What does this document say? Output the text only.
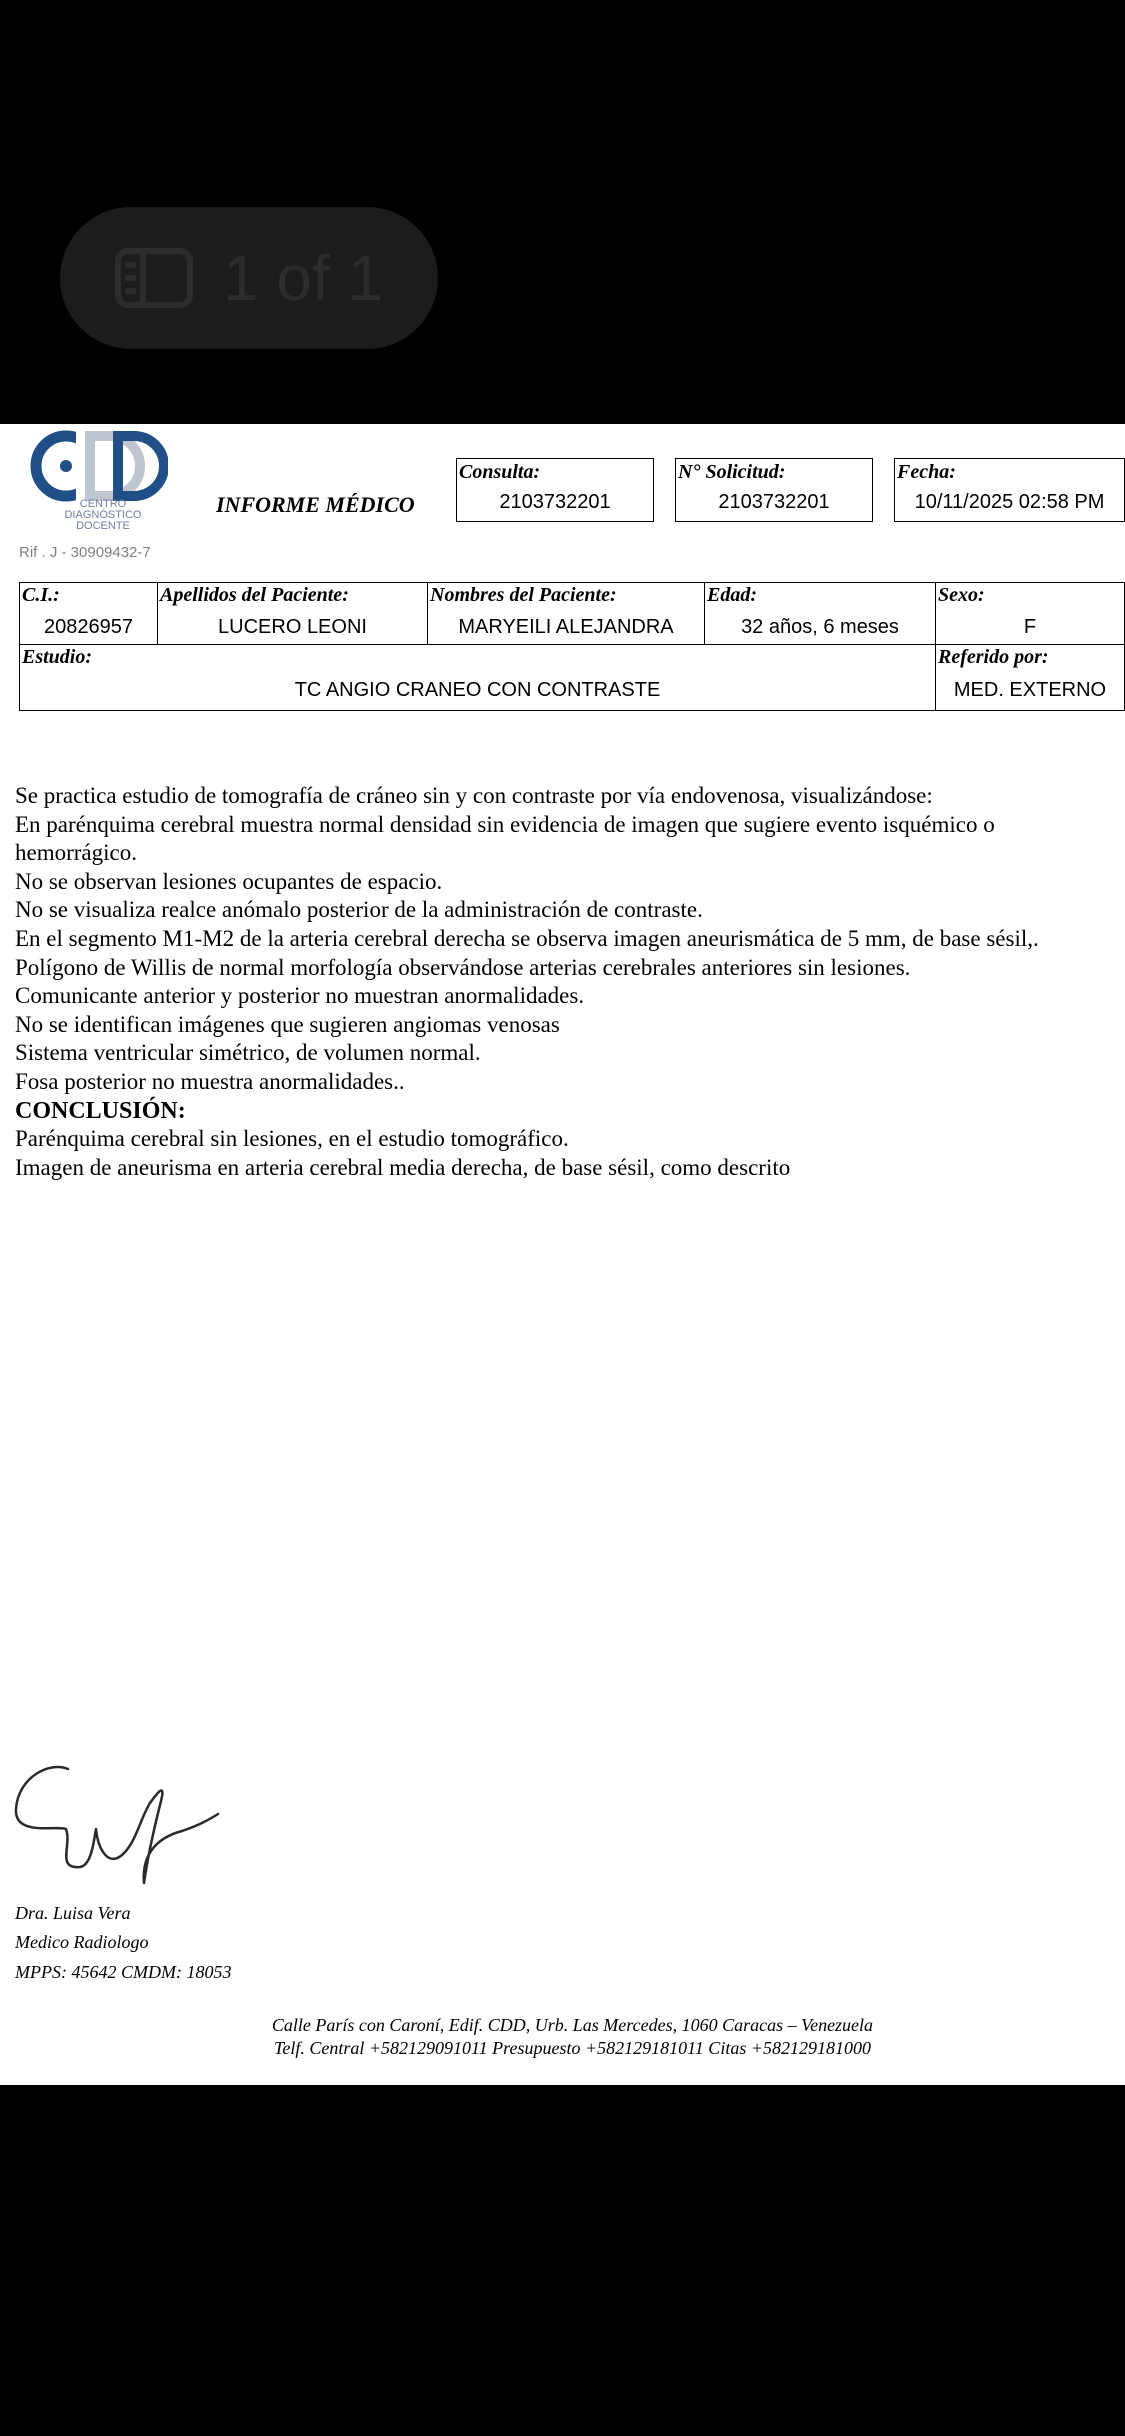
1 of 1
CENTRO
DIAGNÓSTICO
DOCENTE
Rif . J - 30909432-7
INFORME MÉDICO
Consulta:
2103732201
N° Solicitud:
2103732201
Fecha:
10/11/2025 02:58 PM
C.I.:
20826957
Apellidos del Paciente:
LUCERO LEONI
Nombres del Paciente:
MARYEILI ALEJANDRA
Edad:
32 años, 6 meses
Sexo:
F
Estudio:
TC ANGIO CRANEO CON CONTRASTE
Referido por:
MED. EXTERNO

Se practica estudio de tomografía de cráneo sin y con contraste por vía endovenosa, visualizándose:

En parénquima cerebral muestra normal densidad sin evidencia de imagen que sugiere evento isquémico o hemorrágico.

No se observan lesiones ocupantes de espacio.

No se visualiza realce anómalo posterior de la administración de contraste.

En el segmento M1-M2 de la arteria cerebral derecha se observa imagen aneurismática de 5 mm, de base sésil,.

Polígono de Willis de normal morfología observándose arterias cerebrales anteriores sin lesiones.

Comunicante anterior y posterior no muestran anormalidades.

No se identifican imágenes que sugieren angiomas venosas

Sistema ventricular simétrico, de volumen normal.

Fosa posterior no muestra anormalidades..

CONCLUSIÓN:

Parénquima cerebral sin lesiones, en el estudio tomográfico.

Imagen de aneurisma en arteria cerebral media derecha, de base sésil, como descrito

Dra. Luisa Vera
Medico Radiologo
MPPS: 45642 CMDM: 18053
Calle París con Caroní, Edif. CDD, Urb. Las Mercedes, 1060 Caracas – Venezuela
Telf. Central +582129091011 Presupuesto +582129181011 Citas +582129181000
